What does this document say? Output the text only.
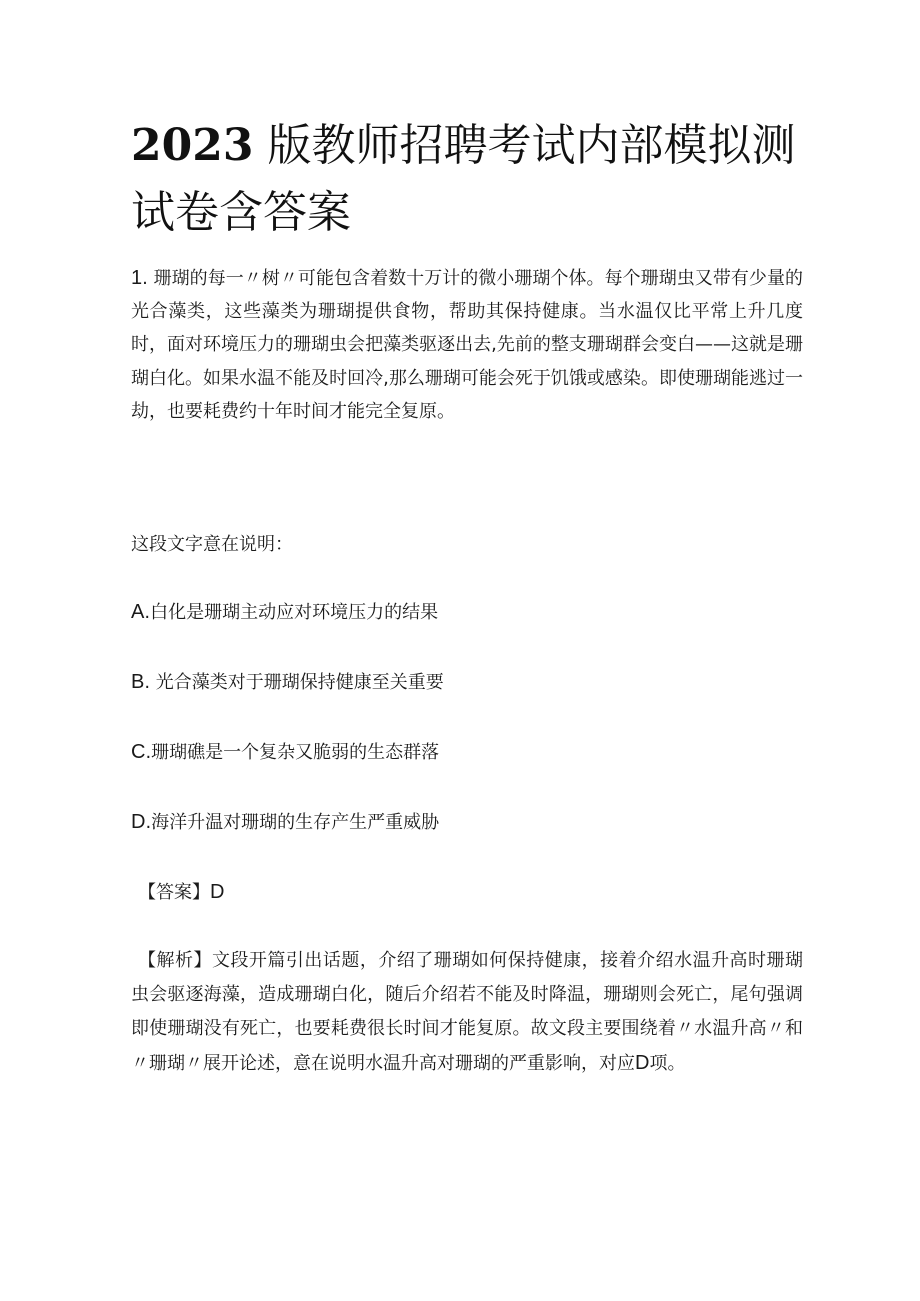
2023 版教师招聘考试内部模拟测试卷含答案

1. 珊瑚的每一〃树〃可能包含着数十万计的微小珊瑚个体。每个珊瑚虫又带有少量的光合藻类，这些藻类为珊瑚提供食物，帮助其保持健康。当水温仅比平常上升几度时，面对环境压力的珊瑚虫会把藻类驱逐出去,先前的整支珊瑚群会变白——这就是珊瑚白化。如果水温不能及时回冷,那么珊瑚可能会死于饥饿或感染。即使珊瑚能逃过一劫，也要耗费约十年时间才能完全复原。

这段文字意在说明：

A.白化是珊瑚主动应对环境压力的结果

B. 光合藻类对于珊瑚保持健康至关重要

C.珊瑚礁是一个复杂又脆弱的生态群落

D.海洋升温对珊瑚的生存产生严重威胁

【答案】D

【解析】文段开篇引出话题，介绍了珊瑚如何保持健康，接着介绍水温升高时珊瑚虫会驱逐海藻，造成珊瑚白化，随后介绍若不能及时降温，珊瑚则会死亡，尾句强调即使珊瑚没有死亡，也要耗费很长时间才能复原。故文段主要围绕着〃水温升高〃和〃珊瑚〃展开论述，意在说明水温升高对珊瑚的严重影响，对应D项。
